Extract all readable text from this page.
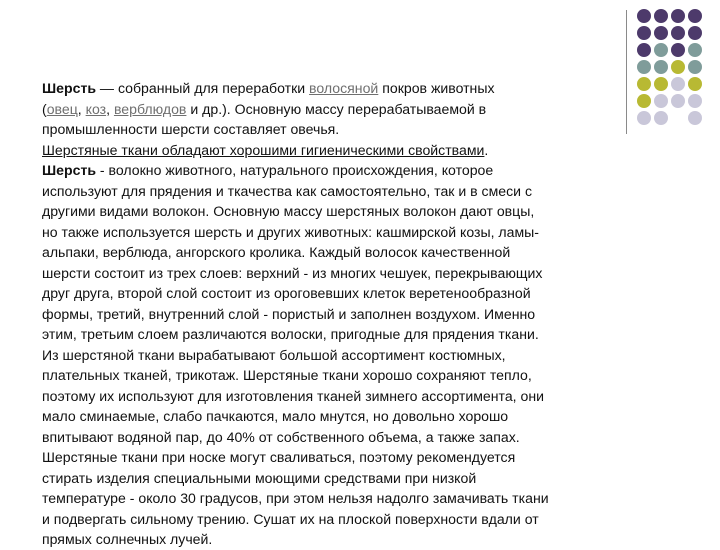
Шерсть — собранный для переработки волосяной покров животных
(овец, коз, верблюдов и др.). Основную массу перерабатываемой в
промышленности шерсти составляет овечья.
Шерстяные ткани обладают хорошими гигиеническими свойствами.
Шерсть - волокно животного, натурального происхождения, которое
используют для прядения и ткачества как самостоятельно, так и в смеси с
другими видами волокон. Основную массу шерстяных волокон дают овцы,
но также используется шерсть и других животных: кашмирской козы, ламы-
альпаки, верблюда, ангорского кролика. Каждый волосок качественной
шерсти состоит из трех слоев: верхний - из многих чешуек, перекрывающих
друг друга, второй слой состоит из ороговевших клеток веретенообразной
формы, третий, внутренний слой - пористый и заполнен воздухом. Именно
этим, третьим слоем различаются волоски, пригодные для прядения ткани.
Из шерстяной ткани вырабатывают большой ассортимент костюмных,
плательных тканей, трикотаж. Шерстяные ткани хорошо сохраняют тепло,
поэтому их используют для изготовления тканей зимнего ассортимента, они
мало сминаемые, слабо пачкаются, мало мнутся, но довольно хорошо
впитывают водяной пар, до 40% от собственного объема, а также запах.
Шерстяные ткани при носке могут сваливаться, поэтому рекомендуется
стирать изделия специальными моющими средствами при низкой
температуре - около 30 градусов, при этом нельзя надолго замачивать ткани
и подвергать сильному трению. Сушат их на плоской поверхности вдали от
прямых солнечных лучей.
